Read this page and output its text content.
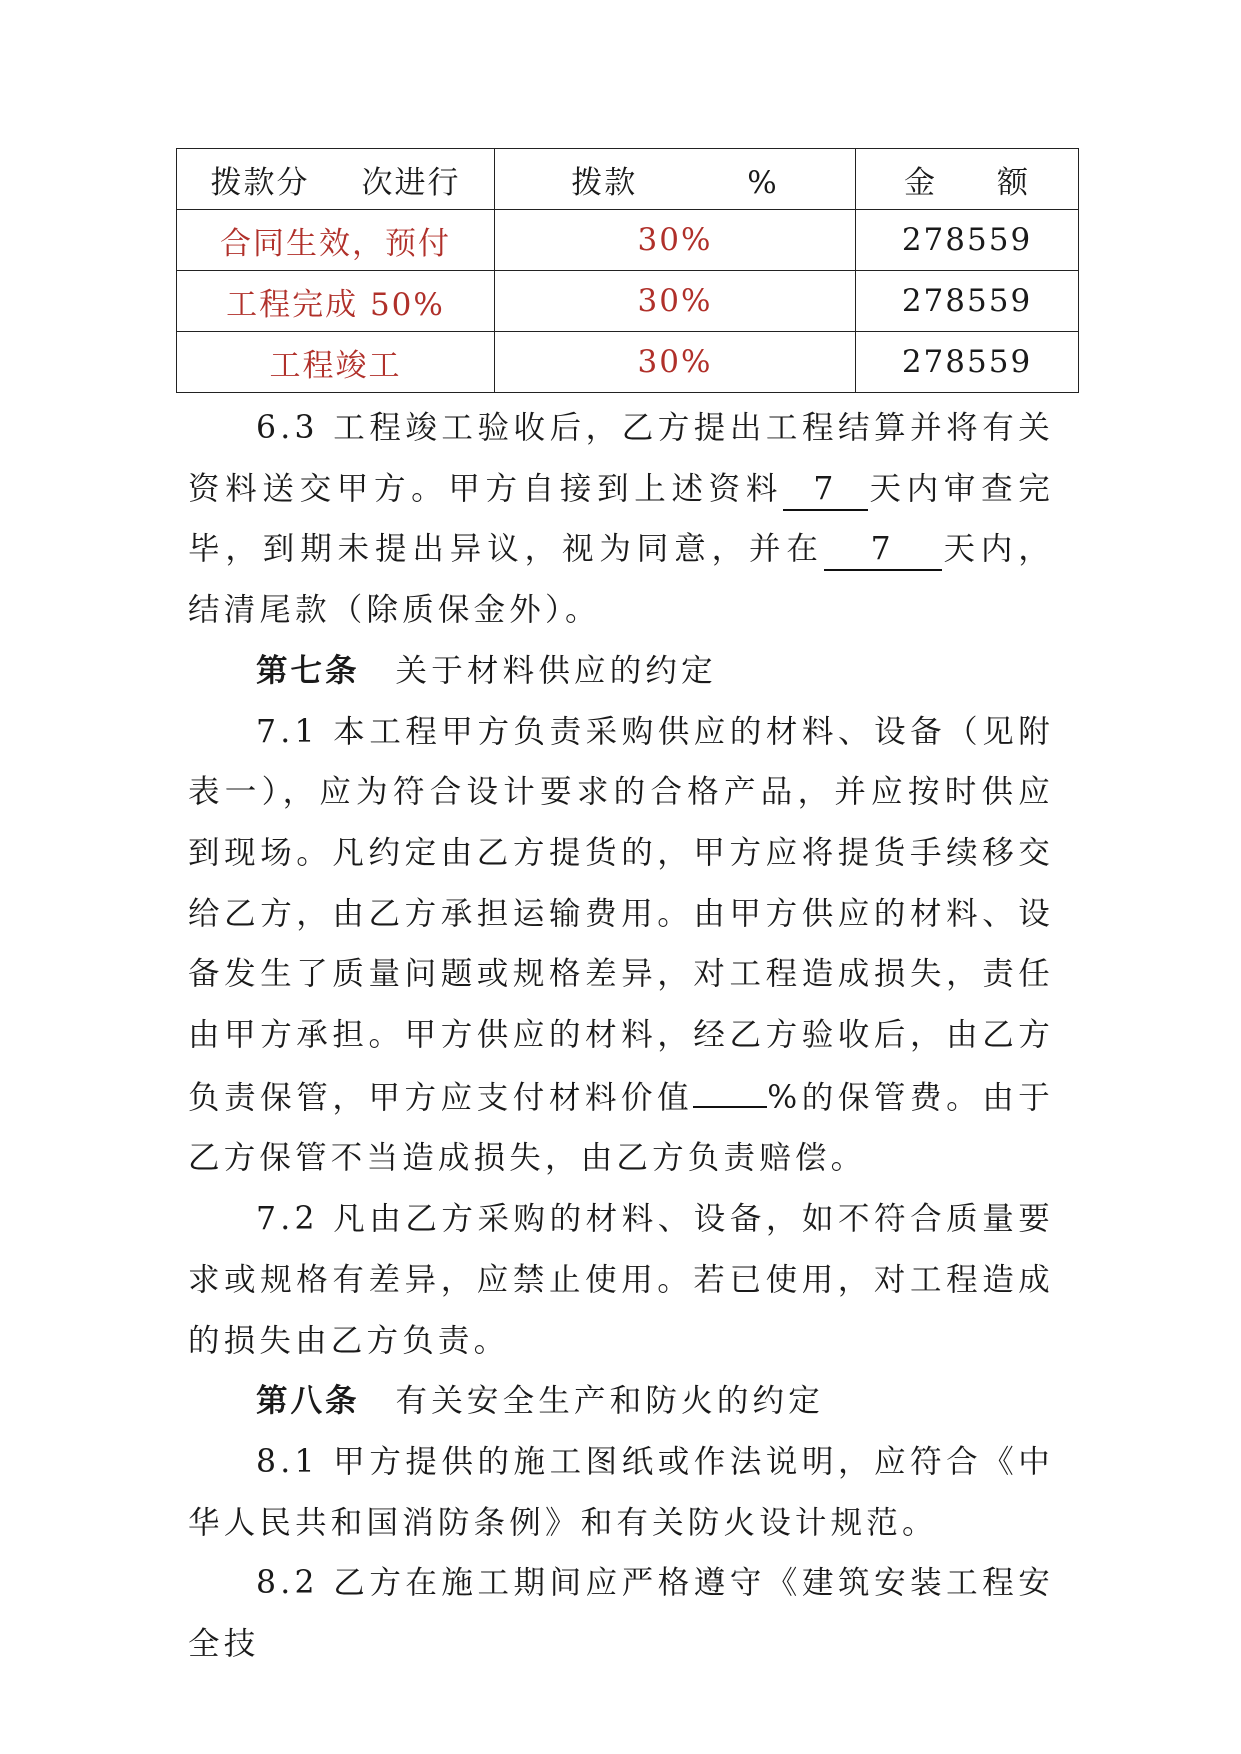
拨款分 次进行	拨款 %	金 额
合同生效，预付	30%	278559
工程完成 50%	30%	278559
工程竣工	30%	278559

6.3 工程竣工验收后，乙方提出工程结算并将有关资料送交甲方。甲方自接到上述资料 7 天内审查完毕，到期未提出异议，视为同意，并在 7 天内，结清尾款（除质保金外）。

第七条 关于材料供应的约定

7.1 本工程甲方负责采购供应的材料、设备（见附表一），应为符合设计要求的合格产品，并应按时供应到现场。凡约定由乙方提货的，甲方应将提货手续移交给乙方，由乙方承担运输费用。由甲方供应的材料、设备发生了质量问题或规格差异，对工程造成损失，责任由甲方承担。甲方供应的材料，经乙方验收后，由乙方负责保管，甲方应支付材料价值 %的保管费。由于乙方保管不当造成损失，由乙方负责赔偿。

7.2 凡由乙方采购的材料、设备，如不符合质量要求或规格有差异，应禁止使用。若已使用，对工程造成的损失由乙方负责。

第八条 有关安全生产和防火的约定

8.1 甲方提供的施工图纸或作法说明，应符合《中华人民共和国消防条例》和有关防火设计规范。

8.2 乙方在施工期间应严格遵守《建筑安装工程安全技
